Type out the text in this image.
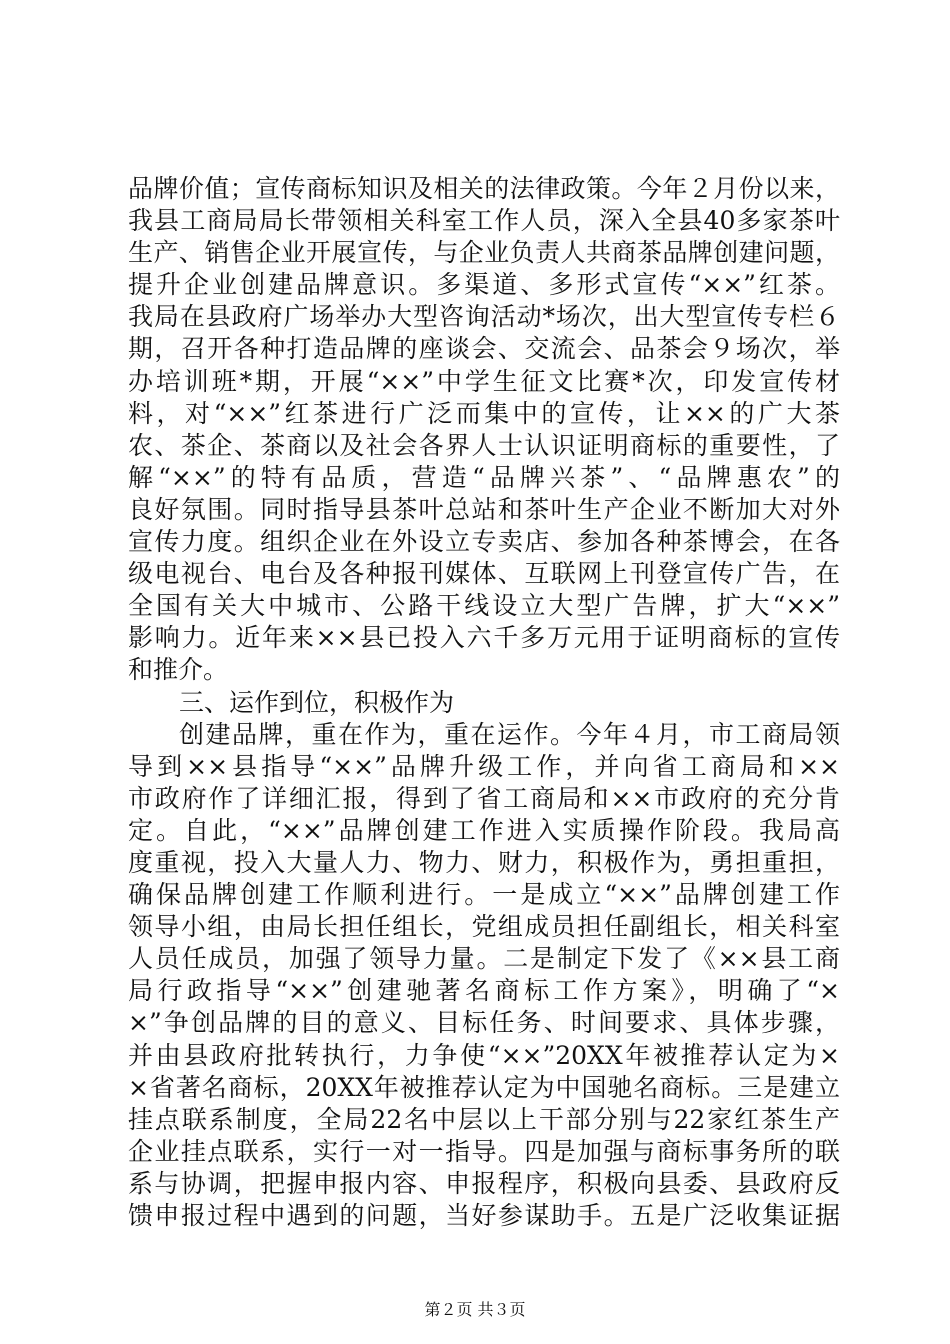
品牌价值；宣传商标知识及相关的法律政策。今年２月份以来，
我县工商局局长带领相关科室工作人员，深入全县40多家茶叶
生产、销售企业开展宣传，与企业负责人共商茶品牌创建问题，
提升企业创建品牌意识。多渠道、多形式宣传“××”红茶。
我局在县政府广场举办大型咨询活动*场次，出大型宣传专栏６
期，召开各种打造品牌的座谈会、交流会、品茶会９场次，举
办培训班*期，开展“××”中学生征文比赛*次，印发宣传材
料，对“××”红茶进行广泛而集中的宣传，让××的广大茶
农、茶企、茶商以及社会各界人士认识证明商标的重要性，了
解“××”的特有品质，营造“品牌兴茶”、“品牌惠农”的
良好氛围。同时指导县茶叶总站和茶叶生产企业不断加大对外
宣传力度。组织企业在外设立专卖店、参加各种茶博会，在各
级电视台、电台及各种报刊媒体、互联网上刊登宣传广告，在
全国有关大中城市、公路干线设立大型广告牌，扩大“××”
影响力。近年来××县已投入六千多万元用于证明商标的宣传
和推介。
三、运作到位，积极作为
创建品牌，重在作为，重在运作。今年４月，市工商局领
导到××县指导“××”品牌升级工作，并向省工商局和××
市政府作了详细汇报，得到了省工商局和××市政府的充分肯
定。自此，“××”品牌创建工作进入实质操作阶段。我局高
度重视，投入大量人力、物力、财力，积极作为，勇担重担，
确保品牌创建工作顺利进行。一是成立“××”品牌创建工作
领导小组，由局长担任组长，党组成员担任副组长，相关科室
人员任成员，加强了领导力量。二是制定下发了《××县工商
局行政指导“××”创建驰著名商标工作方案》，明确了“×
×”争创品牌的目的意义、目标任务、时间要求、具体步骤，
并由县政府批转执行，力争使“××”20XX年被推荐认定为×
×省著名商标，20XX年被推荐认定为中国驰名商标。三是建立
挂点联系制度，全局22名中层以上干部分别与22家红茶生产
企业挂点联系，实行一对一指导。四是加强与商标事务所的联
系与协调，把握申报内容、申报程序，积极向县委、县政府反
馈申报过程中遇到的问题，当好参谋助手。五是广泛收集证据
第２页 共３页
